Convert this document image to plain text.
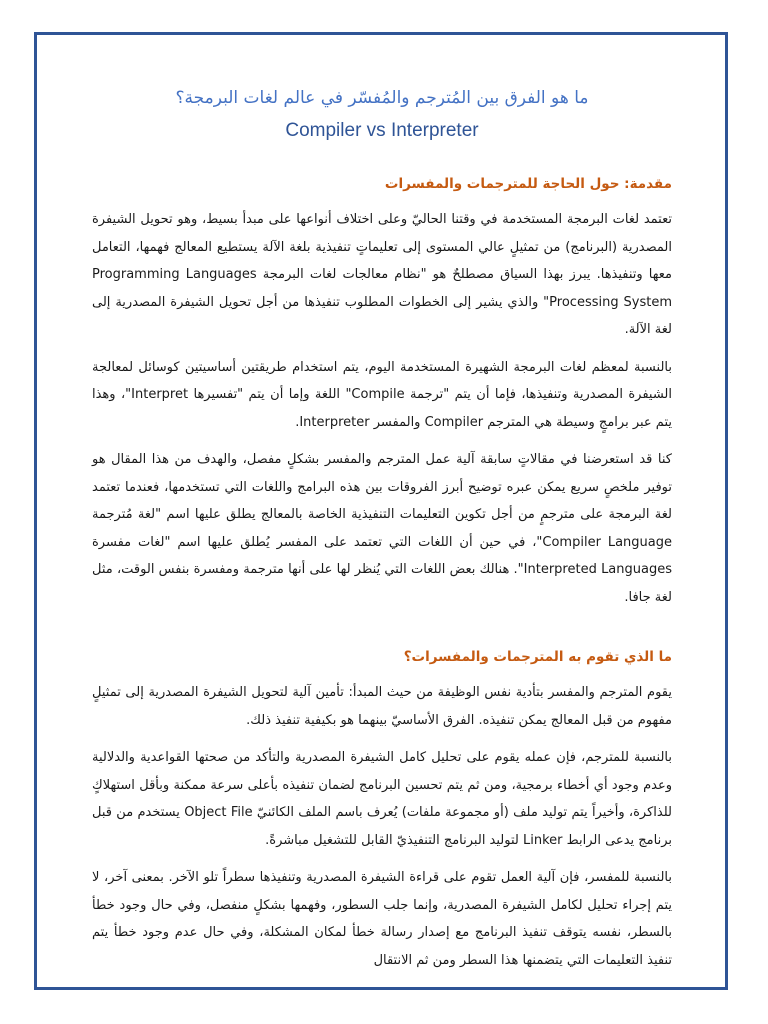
ما هو الفرق بين المُترجم والمُفسّر في عالم لغات البرمجة؟
Compiler vs Interpreter
مقدمة: حول الحاجة للمترجمات والمفسرات

تعتمد لغات البرمجة المستخدمة في وقتنا الحاليّ وعلى اختلاف أنواعها على مبدأ بسيط، وهو تحويل الشيفرة المصدرية (البرنامج) من تمثيلٍ عالي المستوى إلى تعليماتٍ تنفيذية بلغة الآلة يستطيع المعالج فهمها، التعامل معها وتنفيذها. يبرز بهذا السياق مصطلحٌ هو "نظام معالجات لغات البرمجة Programming Languages Processing System" والذي يشير إلى الخطوات المطلوب تنفيذها من أجل تحويل الشيفرة المصدرية إلى لغة الآلة.

بالنسبة لمعظم لغات البرمجة الشهيرة المستخدمة اليوم، يتم استخدام طريقتين أساسيتين كوسائل لمعالجة الشيفرة المصدرية وتنفيذها، فإما أن يتم "ترجمة Compile" اللغة وإما أن يتم "تفسيرها Interpret"، وهذا يتم عبر برامجٍ وسيطة هي المترجم Compiler والمفسر Interpreter.

كنا قد استعرضنا في مقالاتٍ سابقة آلية عمل المترجم والمفسر بشكلٍ مفصل، والهدف من هذا المقال هو توفير ملخصٍ سريع يمكن عبره توضيح أبرز الفروقات بين هذه البرامج واللغات التي تستخدمها، فعندما تعتمد لغة البرمجة على مترجمٍ من أجل تكوين التعليمات التنفيذية الخاصة بالمعالج يطلق عليها اسم "لغة مُترجمة Compiler Language"، في حين أن اللغات التي تعتمد على المفسر يُطلق عليها اسم "لغات مفسرة Interpreted Languages". هنالك بعض اللغات التي يُنظر لها على أنها مترجمة ومفسرة بنفس الوقت، مثل لغة جافا.

ما الذي تقوم به المترجمات والمفسرات؟

يقوم المترجم والمفسر بتأدية نفس الوظيفة من حيث المبدأ: تأمين آلية لتحويل الشيفرة المصدرية إلى تمثيلٍ مفهوم من قبل المعالج يمكن تنفيذه. الفرق الأساسيّ بينهما هو بكيفية تنفيذ ذلك.

بالنسبة للمترجم، فإن عمله يقوم على تحليل كامل الشيفرة المصدرية والتأكد من صحتها القواعدية والدلالية وعدم وجود أي أخطاء برمجية، ومن ثم يتم تحسين البرنامج لضمان تنفيذه بأعلى سرعة ممكنة وبأقل استهلاكٍ للذاكرة، وأخيراً يتم توليد ملف (أو مجموعة ملفات) يُعرف باسم الملف الكائنيّ Object File يستخدم من قبل برنامج يدعى الرابط Linker لتوليد البرنامج التنفيذيّ القابل للتشغيل مباشرةً.

بالنسبة للمفسر، فإن آلية العمل تقوم على قراءة الشيفرة المصدرية وتنفيذها سطراً تلو الآخر. بمعنى آخر، لا يتم إجراء تحليل لكامل الشيفرة المصدرية، وإنما جلب السطور، وفهمها بشكلٍ منفصل، وفي حال وجود خطأ بالسطر، نفسه يتوقف تنفيذ البرنامج مع إصدار رسالة خطأ لمكان المشكلة، وفي حال عدم وجود خطأ يتم تنفيذ التعليمات التي يتضمنها هذا السطر ومن ثم الانتقال
